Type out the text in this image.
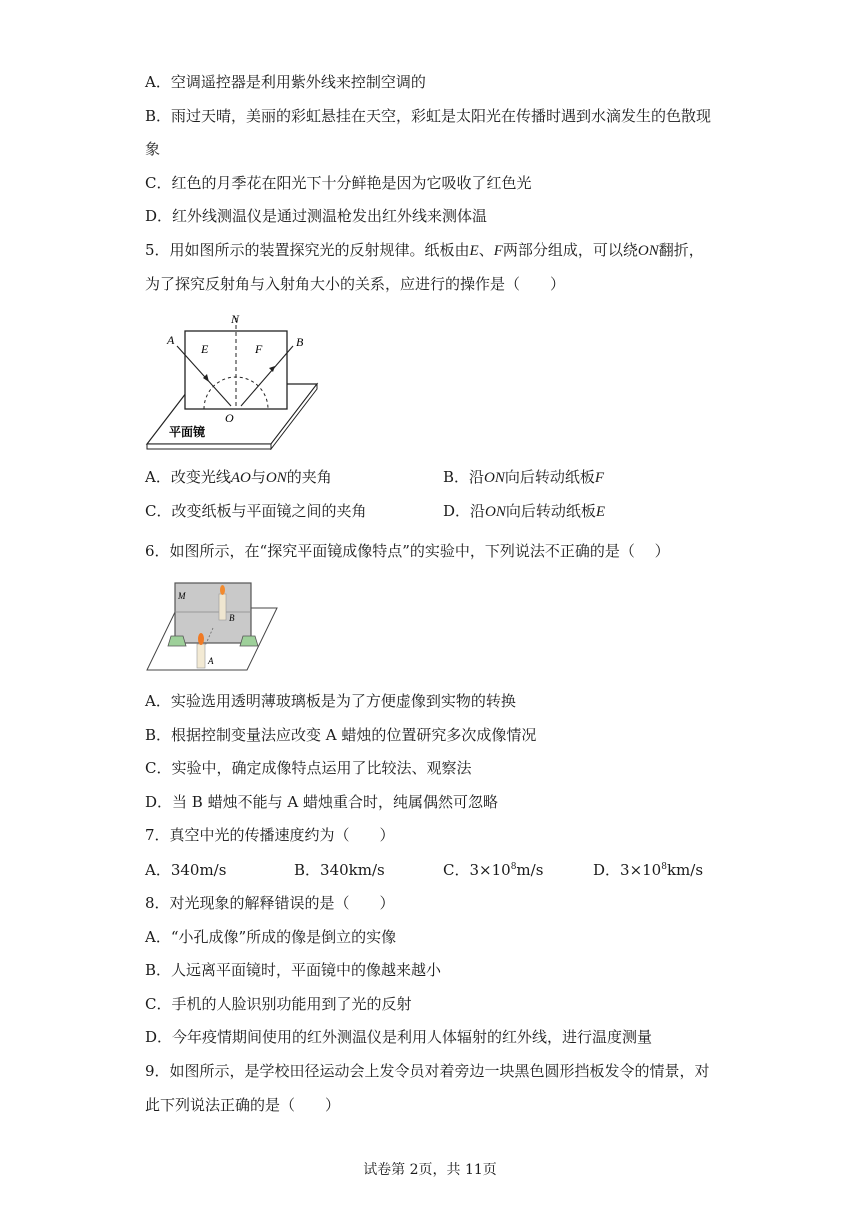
A．空调遥控器是利用紫外线来控制空调的
B．雨过天晴，美丽的彩虹悬挂在天空，彩虹是太阳光在传播时遇到水滴发生的色散现
象
C．红色的月季花在阳光下十分鲜艳是因为它吸收了红色光
D．红外线测温仪是通过测温枪发出红外线来测体温
5．用如图所示的装置探究光的反射规律。纸板由E、F两部分组成，可以绕ON翻折，
为了探究反射角与入射角大小的关系，应进行的操作是（　　）
N
A	B
E	F
O
平面镜
A．改变光线AO与ON的夹角	B．沿ON向后转动纸板F
C．改变纸板与平面镜之间的夹角	D．沿ON向后转动纸板E
6．如图所示，在“探究平面镜成像特点”的实验中，下列说法不正确的是（　 ）
M
B
A
A．实验选用透明薄玻璃板是为了方便虚像到实物的转换
B．根据控制变量法应改变 A 蜡烛的位置研究多次成像情况
C．实验中，确定成像特点运用了比较法、观察法
D．当 B 蜡烛不能与 A 蜡烛重合时，纯属偶然可忽略
7．真空中光的传播速度约为（　　）
A．340m/s	B．340km/s	C．$3\times 10^8m/s$	D．$3\times 10^8km/s$
8．对光现象的解释错误的是（　　）
A．“小孔成像”所成的像是倒立的实像
B．人远离平面镜时，平面镜中的像越来越小
C．手机的人脸识别功能用到了光的反射
D．今年疫情期间使用的红外测温仪是利用人体辐射的红外线，进行温度测量
9．如图所示，是学校田径运动会上发令员对着旁边一块黑色圆形挡板发令的情景，对
此下列说法正确的是（　　）
试卷第 2页，共 11页
